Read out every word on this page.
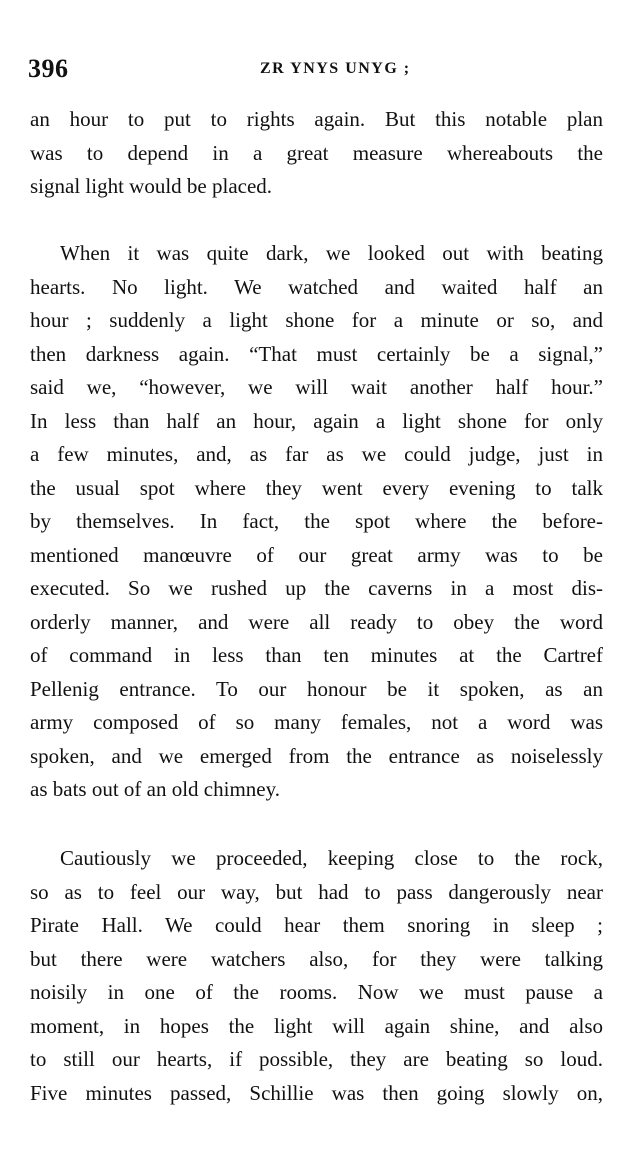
396	ZR YNYS UNYG ;
an hour to put to rights again. But this notable plan
was to depend in a great measure whereabouts the
signal light would be placed.
When it was quite dark, we looked out with beating
hearts. No light. We watched and waited half an
hour ; suddenly a light shone for a minute or so, and
then darkness again. “That must certainly be a signal,”
said we, “however, we will wait another half hour.”
In less than half an hour, again a light shone for only
a few minutes, and, as far as we could judge, just in
the usual spot where they went every evening to talk
by themselves. In fact, the spot where the before-
mentioned manœuvre of our great army was to be
executed. So we rushed up the caverns in a most dis-
orderly manner, and were all ready to obey the word
of command in less than ten minutes at the Cartref
Pellenig entrance. To our honour be it spoken, as an
army composed of so many females, not a word was
spoken, and we emerged from the entrance as noiselessly
as bats out of an old chimney.
Cautiously we proceeded, keeping close to the rock,
so as to feel our way, but had to pass dangerously near
Pirate Hall. We could hear them snoring in sleep ;
but there were watchers also, for they were talking
noisily in one of the rooms. Now we must pause a
moment, in hopes the light will again shine, and also
to still our hearts, if possible, they are beating so loud.
Five minutes passed, Schillie was then going slowly on,
